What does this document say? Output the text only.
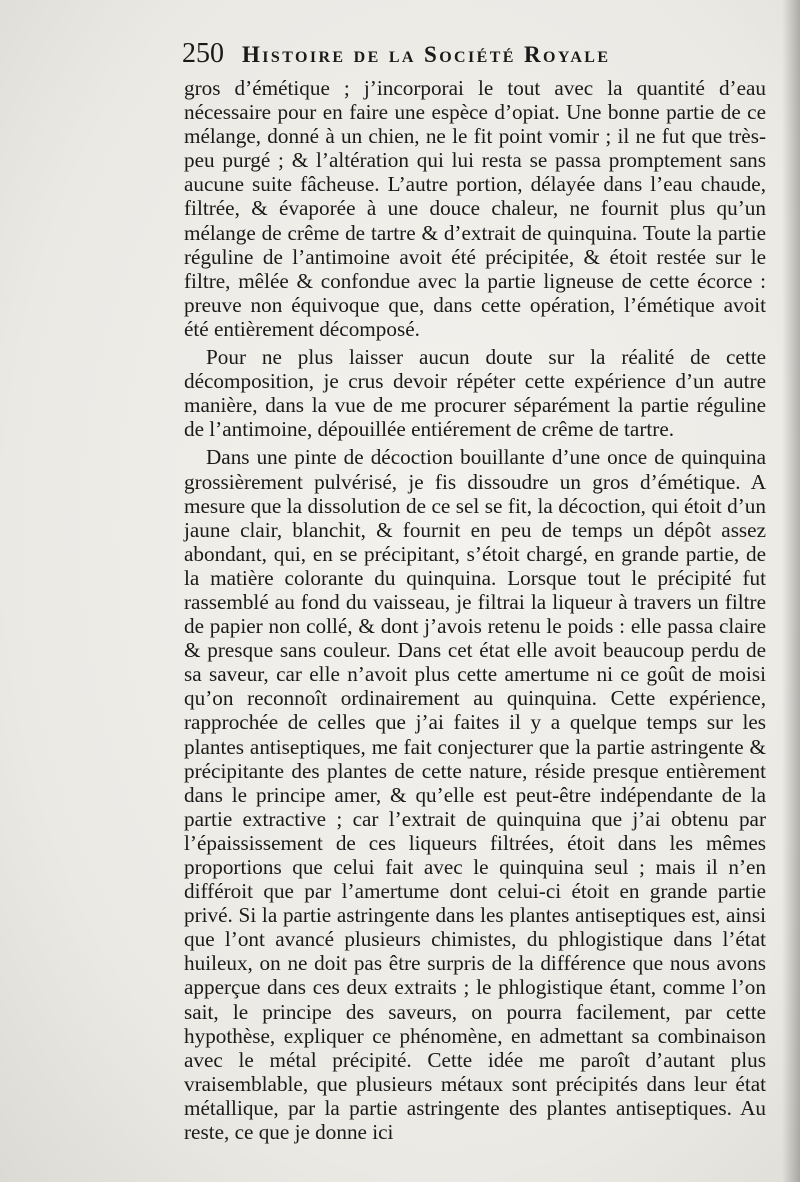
250 Histoire de la Société Royale

gros d’émétique ; j’incorporai le tout avec la quantité d’eau nécessaire pour en faire une espèce d’opiat. Une bonne partie de ce mélange, donné à un chien, ne le fit point vomir ; il ne fut que très-peu purgé ; & l’altération qui lui resta se passa promptement sans aucune suite fâcheuse. L’autre portion, délayée dans l’eau chaude, filtrée, & évaporée à une douce chaleur, ne fournit plus qu’un mélange de crême de tartre & d’extrait de quinquina. Toute la partie réguline de l’antimoine avoit été précipitée, & étoit restée sur le filtre, mêlée & confondue avec la partie ligneuse de cette écorce : preuve non équivoque que, dans cette opération, l’émétique avoit été entièrement décomposé.

Pour ne plus laisser aucun doute sur la réalité de cette décomposition, je crus devoir répéter cette expérience d’un autre manière, dans la vue de me procurer séparément la partie réguline de l’antimoine, dépouillée entiérement de crême de tartre.

Dans une pinte de décoction bouillante d’une once de quinquina grossièrement pulvérisé, je fis dissoudre un gros d’émétique. A mesure que la dissolution de ce sel se fit, la décoction, qui étoit d’un jaune clair, blanchit, & fournit en peu de temps un dépôt assez abondant, qui, en se précipitant, s’étoit chargé, en grande partie, de la matière colorante du quinquina. Lorsque tout le précipité fut rassemblé au fond du vaisseau, je filtrai la liqueur à travers un filtre de papier non collé, & dont j’avois retenu le poids : elle passa claire & presque sans couleur. Dans cet état elle avoit beaucoup perdu de sa saveur, car elle n’avoit plus cette amertume ni ce goût de moisi qu’on reconnoît ordinairement au quinquina. Cette expérience, rapprochée de celles que j’ai faites il y a quelque temps sur les plantes antiseptiques, me fait conjecturer que la partie astringente & précipitante des plantes de cette nature, réside presque entièrement dans le principe amer, & qu’elle est peut-être indépendante de la partie extractive ; car l’extrait de quinquina que j’ai obtenu par l’épaississement de ces liqueurs filtrées, étoit dans les mêmes proportions que celui fait avec le quinquina seul ; mais il n’en différoit que par l’amertume dont celui-ci étoit en grande partie privé. Si la partie astringente dans les plantes antiseptiques est, ainsi que l’ont avancé plusieurs chimistes, du phlogistique dans l’état huileux, on ne doit pas être surpris de la différence que nous avons apperçue dans ces deux extraits ; le phlogistique étant, comme l’on sait, le principe des saveurs, on pourra facilement, par cette hypothèse, expliquer ce phénomène, en admettant sa combinaison avec le métal précipité. Cette idée me paroît d’autant plus vraisemblable, que plusieurs métaux sont précipités dans leur état métallique, par la partie astringente des plantes antiseptiques. Au reste, ce que je donne ici
